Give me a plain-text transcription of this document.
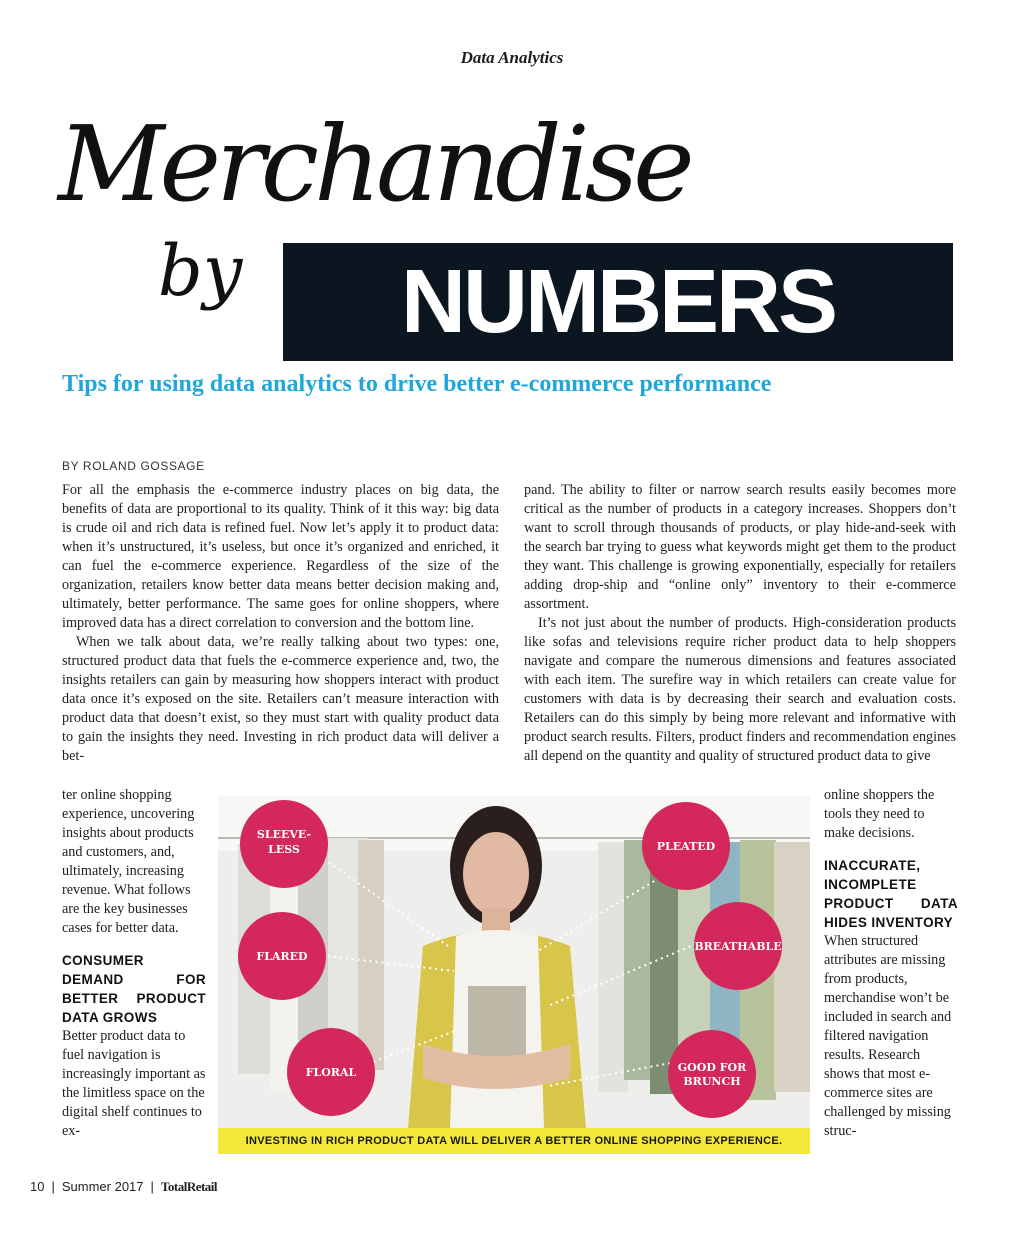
Data Analytics
Merchandise
by	NUMBERS
Tips for using data analytics to drive better e-commerce performance
BY ROLAND GOSSAGE

For all the emphasis the e-commerce industry places on big data, the benefits of data are proportional to its quality. Think of it this way: big data is crude oil and rich data is refined fuel. Now let’s apply it to product data: when it’s unstructured, it’s useless, but once it’s organized and enriched, it can fuel the e-commerce experience. Regardless of the size of the organization, retailers know better data means better decision making and, ultimately, better performance. The same goes for online shoppers, where improved data has a direct correlation to conversion and the bottom line.

When we talk about data, we’re really talking about two types: one, structured product data that fuels the e-commerce experience and, two, the insights retailers can gain by measuring how shoppers interact with product data once it’s exposed on the site. Retailers can’t measure interaction with product data that doesn’t exist, so they must start with quality product data to gain the insights they need. Investing in rich product data will deliver a bet-

pand. The ability to filter or narrow search results easily becomes more critical as the number of products in a category increases. Shoppers don’t want to scroll through thousands of products, or play hide-and-seek with the search bar trying to guess what keywords might get them to the product they want. This challenge is growing exponentially, especially for retailers adding drop-ship and “online only” inventory to their e-commerce assortment.

It’s not just about the number of products. High-consideration products like sofas and televisions require richer product data to help shoppers navigate and compare the numerous dimensions and features associated with each item. The surefire way in which retailers can create value for customers with data is by decreasing their search and evaluation costs. Retailers can do this simply by being more relevant and informative with product search results. Filters, product finders and recommendation engines all depend on the quantity and quality of structured product data to give

ter online shopping experience, uncovering insights about products and customers, and, ultimately, increasing revenue. What follows are the key businesses cases for better data.

CONSUMER DEMAND FOR BETTER PRODUCT DATA GROWS

Better product data to fuel navigation is increasingly important as the limitless space on the digital shelf continues to ex-

online shoppers the tools they need to make decisions.

INACCURATE, INCOMPLETE PRODUCT DATA HIDES INVENTORY

When structured attributes are missing from products, merchandise won’t be included in search and filtered navigation results. Research shows that most e-commerce sites are challenged by missing struc-

SLEEVE-
LESS	PLEATED
FLARED
BREATHABLE
FLORAL	GOOD FOR
BRUNCH
INVESTING IN RICH PRODUCT DATA WILL DELIVER A BETTER ONLINE SHOPPING EXPERIENCE.
10 | Summer 2017 | TotalRetail
